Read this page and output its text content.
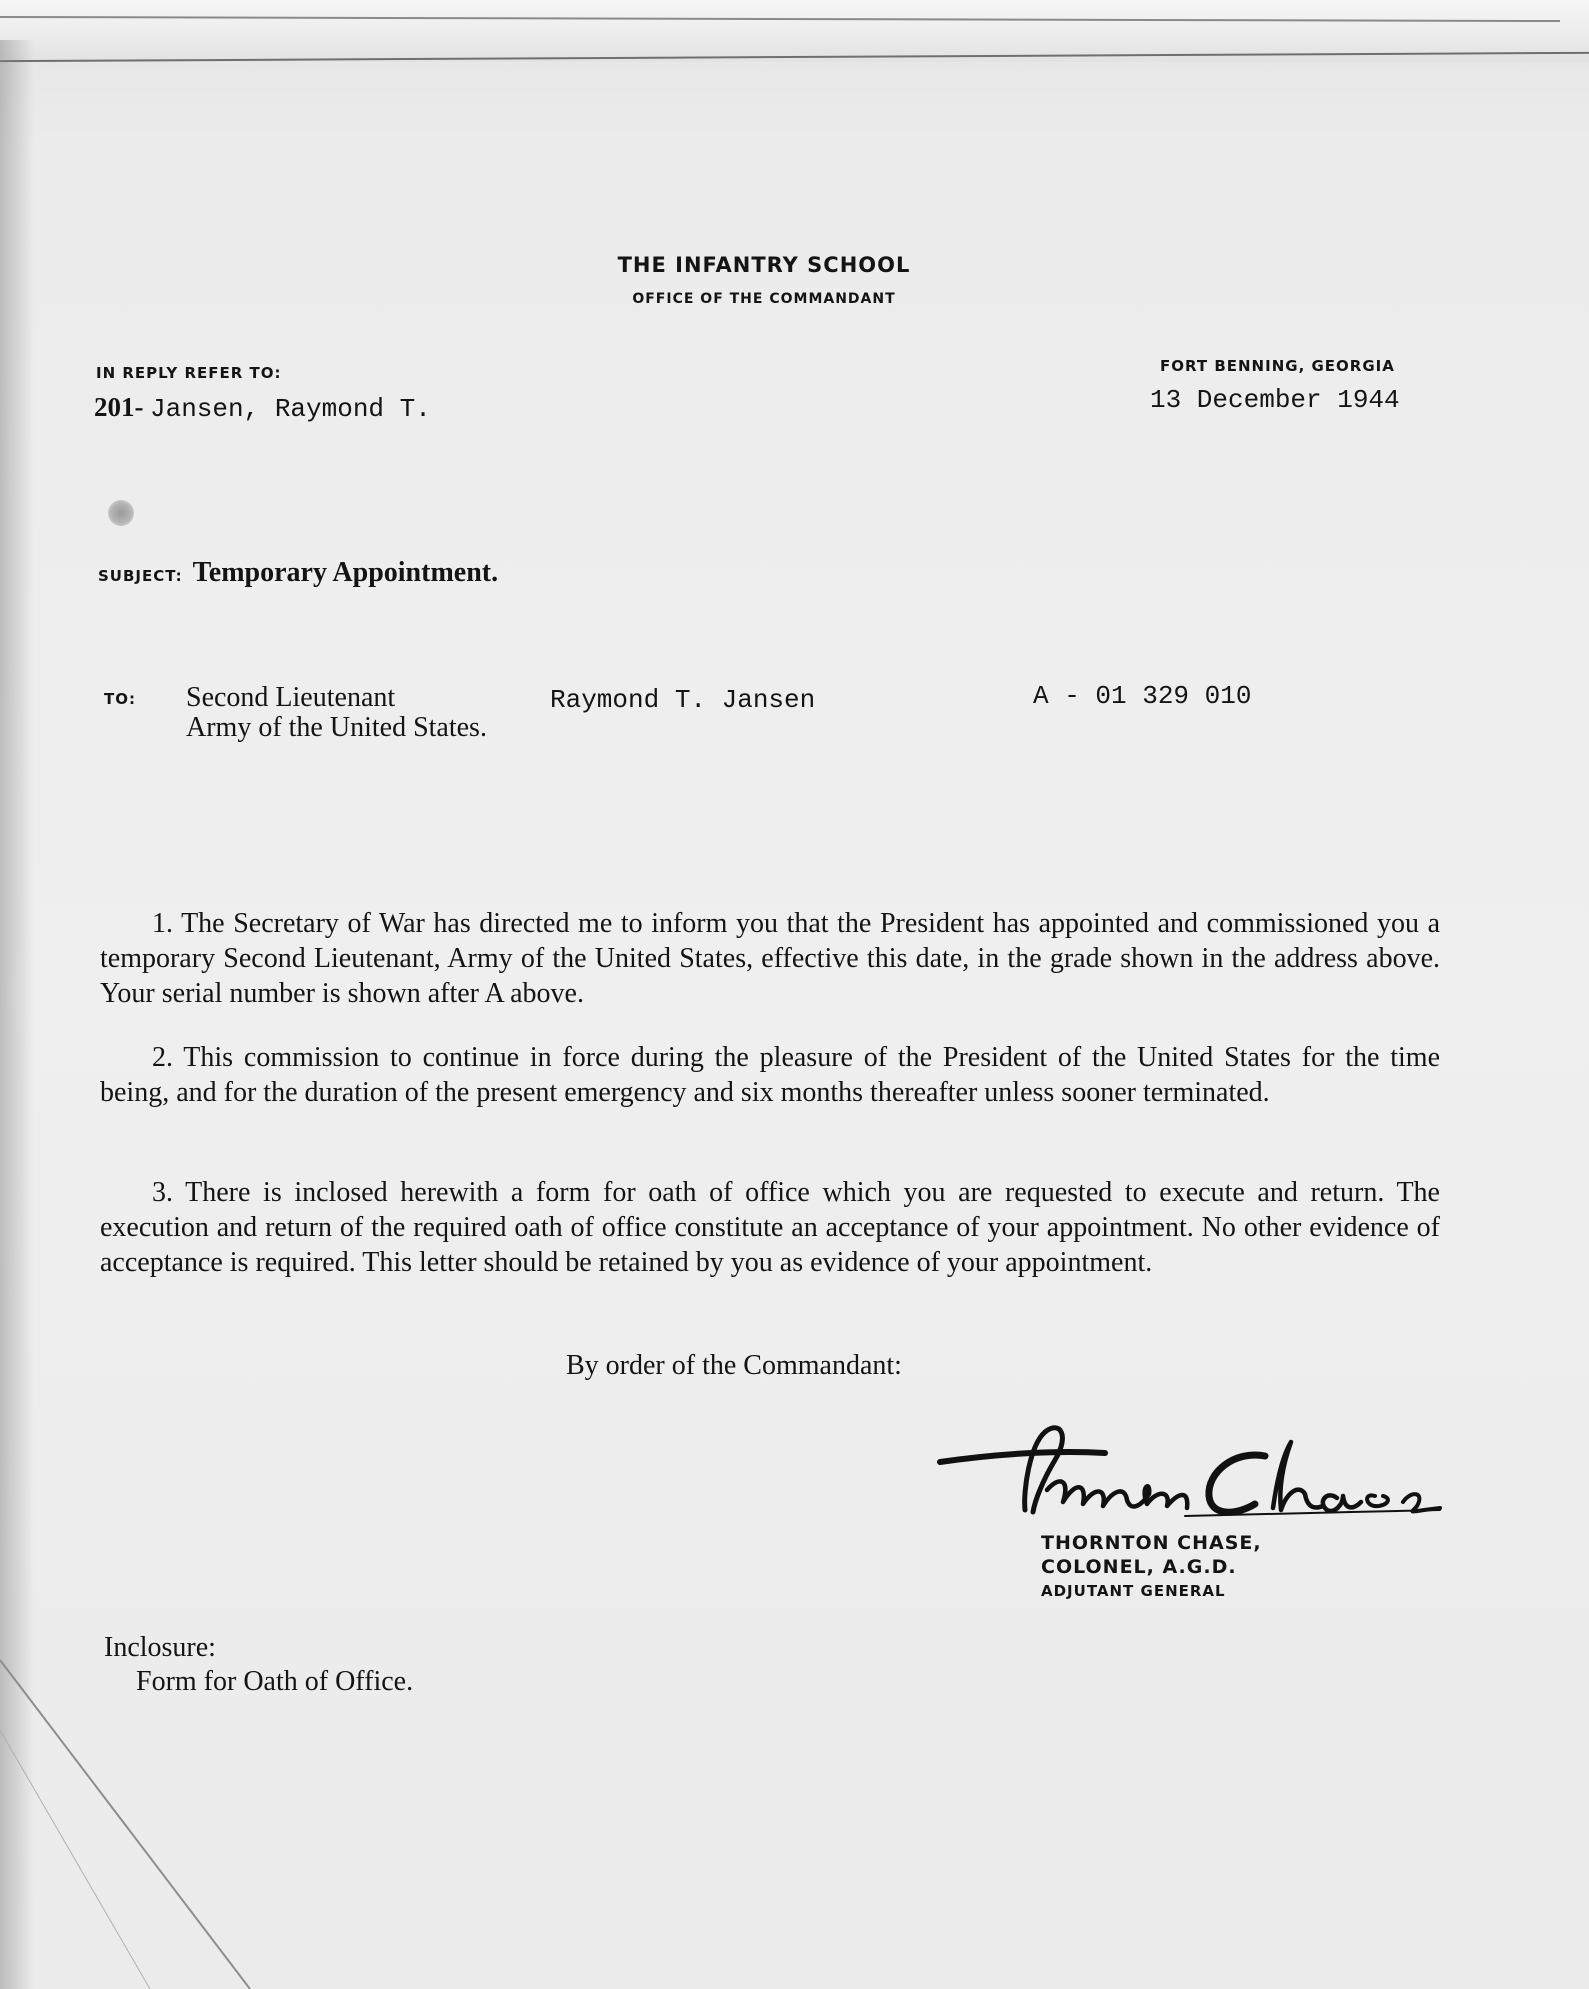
THE INFANTRY SCHOOL
OFFICE OF THE COMMANDANT
IN REPLY REFER TO:
201- Jansen, Raymond T.
FORT BENNING, GEORGIA
13 December 1944
SUBJECT: Temporary Appointment.
TO: Second Lieutenant	Raymond T. Jansen	A - 01 329 010
Army of the United States.
1. The Secretary of War has directed me to inform you that the President has appointed and commissioned you a temporary Second Lieutenant, Army of the United States, effective this date, in the grade shown in the address above. Your serial number is shown after A above.
2. This commission to continue in force during the pleasure of the President of the United States for the time being, and for the duration of the present emergency and six months thereafter unless sooner terminated.
3. There is inclosed herewith a form for oath of office which you are requested to execute and return. The execution and return of the required oath of office constitute an acceptance of your appointment. No other evidence of acceptance is required. This letter should be retained by you as evidence of your appointment.
By order of the Commandant:
THORNTON CHASE,
COLONEL, A.G.D.
ADJUTANT GENERAL
Inclosure:
Form for Oath of Office.
